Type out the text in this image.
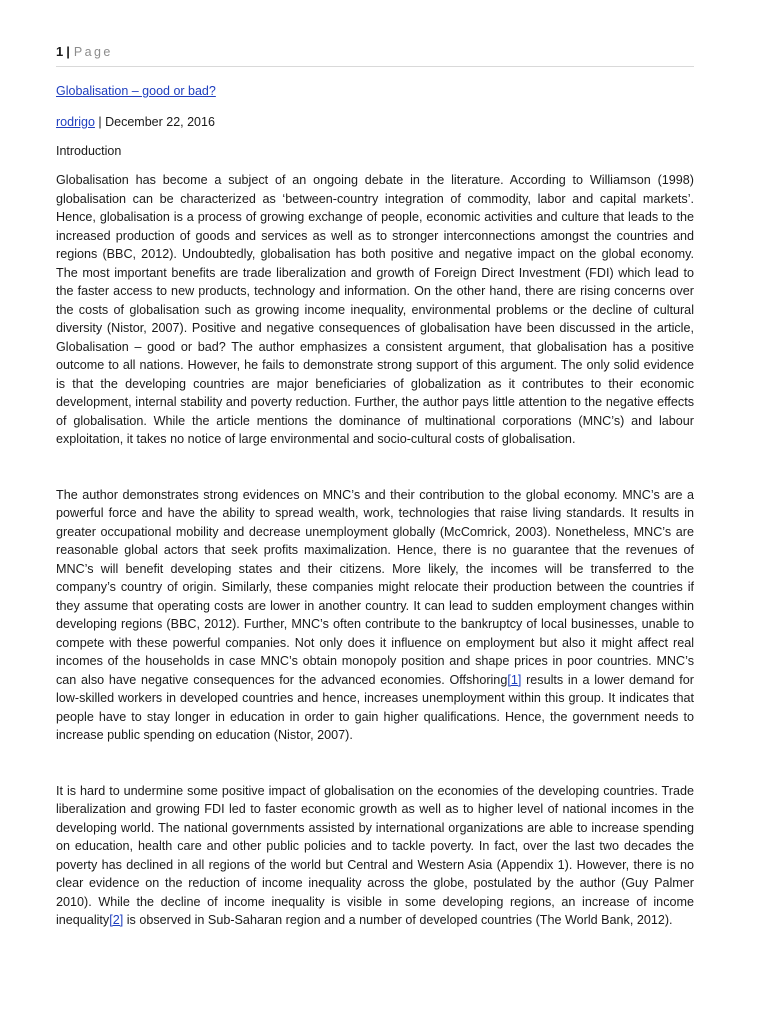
1 | Page
Globalisation – good or bad?
rodrigo | December 22, 2016
Introduction

Globalisation has become a subject of an ongoing debate in the literature. According to Williamson (1998) globalisation can be characterized as ‘between-country integration of commodity, labor and capital markets’. Hence, globalisation is a process of growing exchange of people, economic activities and culture that leads to the increased production of goods and services as well as to stronger interconnections amongst the countries and regions (BBC, 2012). Undoubtedly, globalisation has both positive and negative impact on the global economy. The most important benefits are trade liberalization and growth of Foreign Direct Investment (FDI) which lead to the faster access to new products, technology and information. On the other hand, there are rising concerns over the costs of globalisation such as growing income inequality, environmental problems or the decline of cultural diversity (Nistor, 2007). Positive and negative consequences of globalisation have been discussed in the article, Globalisation – good or bad? The author emphasizes a consistent argument, that globalisation has a positive outcome to all nations. However, he fails to demonstrate strong support of this argument. The only solid evidence is that the developing countries are major beneficiaries of globalization as it contributes to their economic development, internal stability and poverty reduction. Further, the author pays little attention to the negative effects of globalisation. While the article mentions the dominance of multinational corporations (MNC’s) and labour exploitation, it takes no notice of large environmental and socio-cultural costs of globalisation.

The author demonstrates strong evidences on MNC’s and their contribution to the global economy. MNC’s are a powerful force and have the ability to spread wealth, work, technologies that raise living standards. It results in greater occupational mobility and decrease unemployment globally (McComrick, 2003). Nonetheless, MNC’s are reasonable global actors that seek profits maximalization. Hence, there is no guarantee that the revenues of MNC’s will benefit developing states and their citizens. More likely, the incomes will be transferred to the company’s country of origin. Similarly, these companies might relocate their production between the countries if they assume that operating costs are lower in another country. It can lead to sudden employment changes within developing regions (BBC, 2012). Further, MNC’s often contribute to the bankruptcy of local businesses, unable to compete with these powerful companies. Not only does it influence on employment but also it might affect real incomes of the households in case MNC’s obtain monopoly position and shape prices in poor countries. MNC’s can also have negative consequences for the advanced economies. Offshoring[1] results in a lower demand for low-skilled workers in developed countries and hence, increases unemployment within this group. It indicates that people have to stay longer in education in order to gain higher qualifications. Hence, the government needs to increase public spending on education (Nistor, 2007).

It is hard to undermine some positive impact of globalisation on the economies of the developing countries. Trade liberalization and growing FDI led to faster economic growth as well as to higher level of national incomes in the developing world. The national governments assisted by international organizations are able to increase spending on education, health care and other public policies and to tackle poverty. In fact, over the last two decades the poverty has declined in all regions of the world but Central and Western Asia (Appendix 1). However, there is no clear evidence on the reduction of income inequality across the globe, postulated by the author (Guy Palmer 2010). While the decline of income inequality is visible in some developing regions, an increase of income inequality[2] is observed in Sub-Saharan region and a number of developed countries (The World Bank, 2012).
